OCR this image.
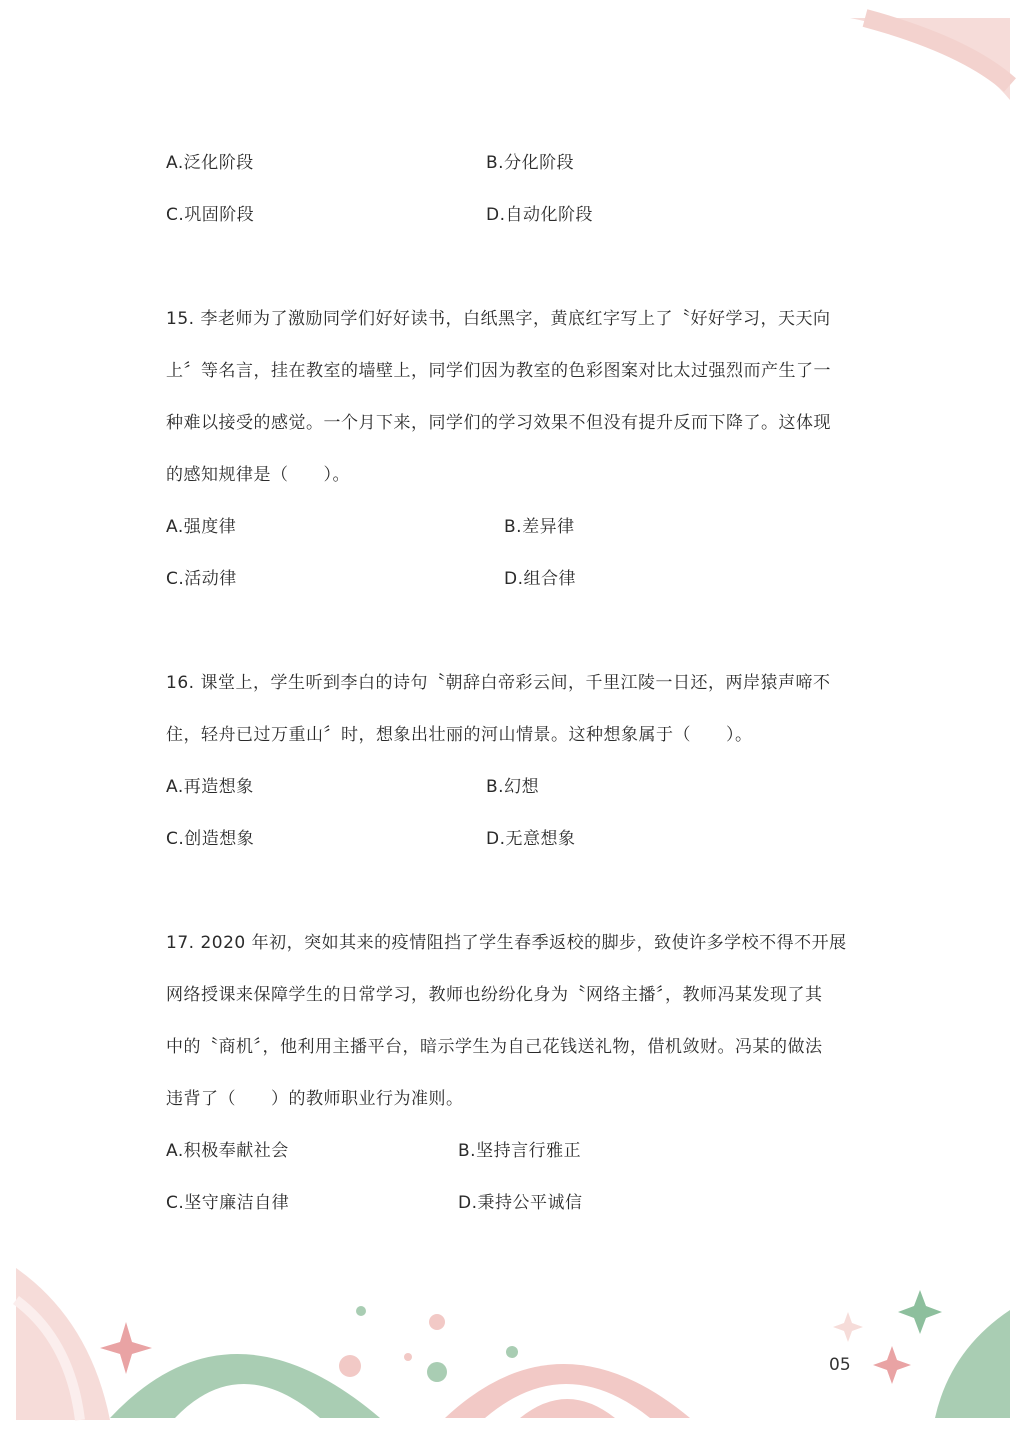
A.泛化阶段	B.分化阶段
C.巩固阶段	D.自动化阶段
15. 李老师为了激励同学们好好读书，白纸黑字，黄底红字写上了〝好好学习，天天向
上〞等名言，挂在教室的墙壁上，同学们因为教室的色彩图案对比太过强烈而产生了一
种难以接受的感觉。一个月下来，同学们的学习效果不但没有提升反而下降了。这体现
的感知规律是（　　）。
A.强度律	B.差异律
C.活动律	D.组合律
16. 课堂上，学生听到李白的诗句〝朝辞白帝彩云间，千里江陵一日还，两岸猿声啼不
住，轻舟已过万重山〞时，想象出壮丽的河山情景。这种想象属于（　　）。
A.再造想象	B.幻想
C.创造想象	D.无意想象
17. 2020 年初，突如其来的疫情阻挡了学生春季返校的脚步，致使许多学校不得不开展
网络授课来保障学生的日常学习，教师也纷纷化身为〝网络主播〞，教师冯某发现了其
中的〝商机〞，他利用主播平台，暗示学生为自己花钱送礼物，借机敛财。冯某的做法
违背了（　　）的教师职业行为准则。
A.积极奉献社会	B.坚持言行雅正
C.坚守廉洁自律	D.秉持公平诚信
05
